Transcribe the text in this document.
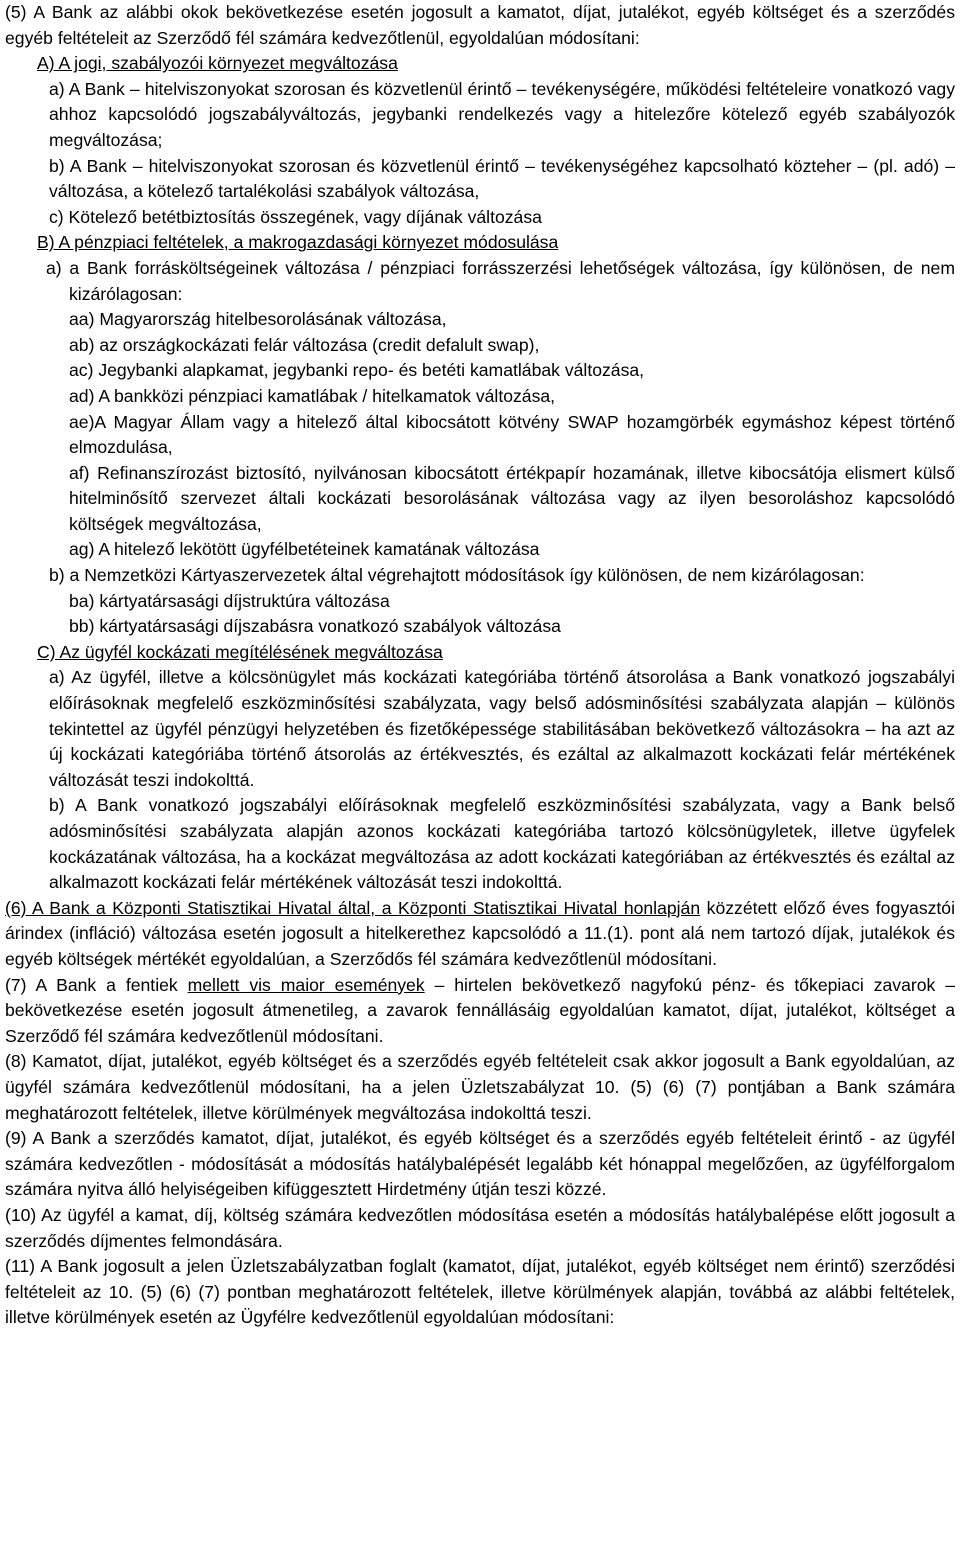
(5) A Bank az alábbi okok bekövetkezése esetén jogosult a kamatot, díjat, jutalékot, egyéb költséget és a szerződés egyéb feltételeit az Szerződő fél számára kedvezőtlenül, egyoldalúan módosítani:

A) A jogi, szabályozói környezet megváltozása

a) A Bank – hitelviszonyokat szorosan és közvetlenül érintő – tevékenységére, működési feltételeire vonatkozó vagy ahhoz kapcsolódó jogszabályváltozás, jegybanki rendelkezés vagy a hitelezőre kötelező egyéb szabályozók megváltozása;

b) A Bank – hitelviszonyokat szorosan és közvetlenül érintő – tevékenységéhez kapcsolható közteher – (pl. adó) – változása, a kötelező tartalékolási szabályok változása,

c) Kötelező betétbiztosítás összegének, vagy díjának változása

B) A pénzpiaci feltételek, a makrogazdasági környezet módosulása

a) a Bank forrásköltségeinek változása / pénzpiaci forrásszerzési lehetőségek változása, így különösen, de nem kizárólagosan:

aa) Magyarország hitelbesorolásának változása,

ab) az országkockázati felár változása (credit defalult swap),

ac) Jegybanki alapkamat, jegybanki repo- és betéti kamatlábak változása,

ad) A bankközi pénzpiaci kamatlábak / hitelkamatok változása,

ae)A Magyar Állam vagy a hitelező által kibocsátott kötvény SWAP hozamgörbék egymáshoz képest történő elmozdulása,

af) Refinanszírozást biztosító, nyilvánosan kibocsátott értékpapír hozamának, illetve kibocsátója elismert külső hitelminősítő szervezet általi kockázati besorolásának változása vagy az ilyen besoroláshoz kapcsolódó költségek megváltozása,

ag) A hitelező lekötött ügyfélbetéteinek kamatának változása

b) a Nemzetközi Kártyaszervezetek által végrehajtott módosítások így különösen, de nem kizárólagosan:

ba) kártyatársasági díjstruktúra változása

bb) kártyatársasági díjszabásra vonatkozó szabályok változása

C) Az ügyfél kockázati megítélésének megváltozása

a) Az ügyfél, illetve a kölcsönügylet más kockázati kategóriába történő átsorolása a Bank vonatkozó jogszabályi előírásoknak megfelelő eszközminősítési szabályzata, vagy belső adósminősítési szabályzata alapján – különös tekintettel az ügyfél pénzügyi helyzetében és fizetőképessége stabilitásában bekövetkező változásokra – ha azt az új kockázati kategóriába történő átsorolás az értékvesztés, és ezáltal az alkalmazott kockázati felár mértékének változását teszi indokolttá.

b) A Bank vonatkozó jogszabályi előírásoknak megfelelő eszközminősítési szabályzata, vagy a Bank belső adósminősítési szabályzata alapján azonos kockázati kategóriába tartozó kölcsönügyletek, illetve ügyfelek kockázatának változása, ha a kockázat megváltozása az adott kockázati kategóriában az értékvesztés és ezáltal az alkalmazott kockázati felár mértékének változását teszi indokolttá.

(6) A Bank a Központi Statisztikai Hivatal által, a Központi Statisztikai Hivatal honlapján közzétett előző éves fogyasztói árindex (infláció) változása esetén jogosult a hitelkerethez kapcsolódó a 11.(1). pont alá nem tartozó díjak, jutalékok és egyéb költségek mértékét egyoldalúan, a Szerződős fél számára kedvezőtlenül módosítani.

(7) A Bank a fentiek mellett vis maior események – hirtelen bekövetkező nagyfokú pénz- és tőkepiaci zavarok – bekövetkezése esetén jogosult átmenetileg, a zavarok fennállásáig egyoldalúan kamatot, díjat, jutalékot, költséget a Szerződő fél számára kedvezőtlenül módosítani.

(8) Kamatot, díjat, jutalékot, egyéb költséget és a szerződés egyéb feltételeit csak akkor jogosult a Bank egyoldalúan, az ügyfél számára kedvezőtlenül módosítani, ha a jelen Üzletszabályzat 10. (5) (6) (7) pontjában a Bank számára meghatározott feltételek, illetve körülmények megváltozása indokolttá teszi.

(9) A Bank a szerződés kamatot, díjat, jutalékot, és egyéb költséget és a szerződés egyéb feltételeit érintő - az ügyfél számára kedvezőtlen - módosítását a módosítás hatálybalépését legalább két hónappal megelőzően, az ügyfélforgalom számára nyitva álló helyiségeiben kifüggesztett Hirdetmény útján teszi közzé.

(10) Az ügyfél a kamat, díj, költség számára kedvezőtlen módosítása esetén a módosítás hatálybalépése előtt jogosult a szerződés díjmentes felmondására.

(11) A Bank jogosult a jelen Üzletszabályzatban foglalt (kamatot, díjat, jutalékot, egyéb költséget nem érintő) szerződési feltételeit az 10. (5) (6) (7) pontban meghatározott feltételek, illetve körülmények alapján, továbbá az alábbi feltételek, illetve körülmények esetén az Ügyfélre kedvezőtlenül egyoldalúan módosítani:
